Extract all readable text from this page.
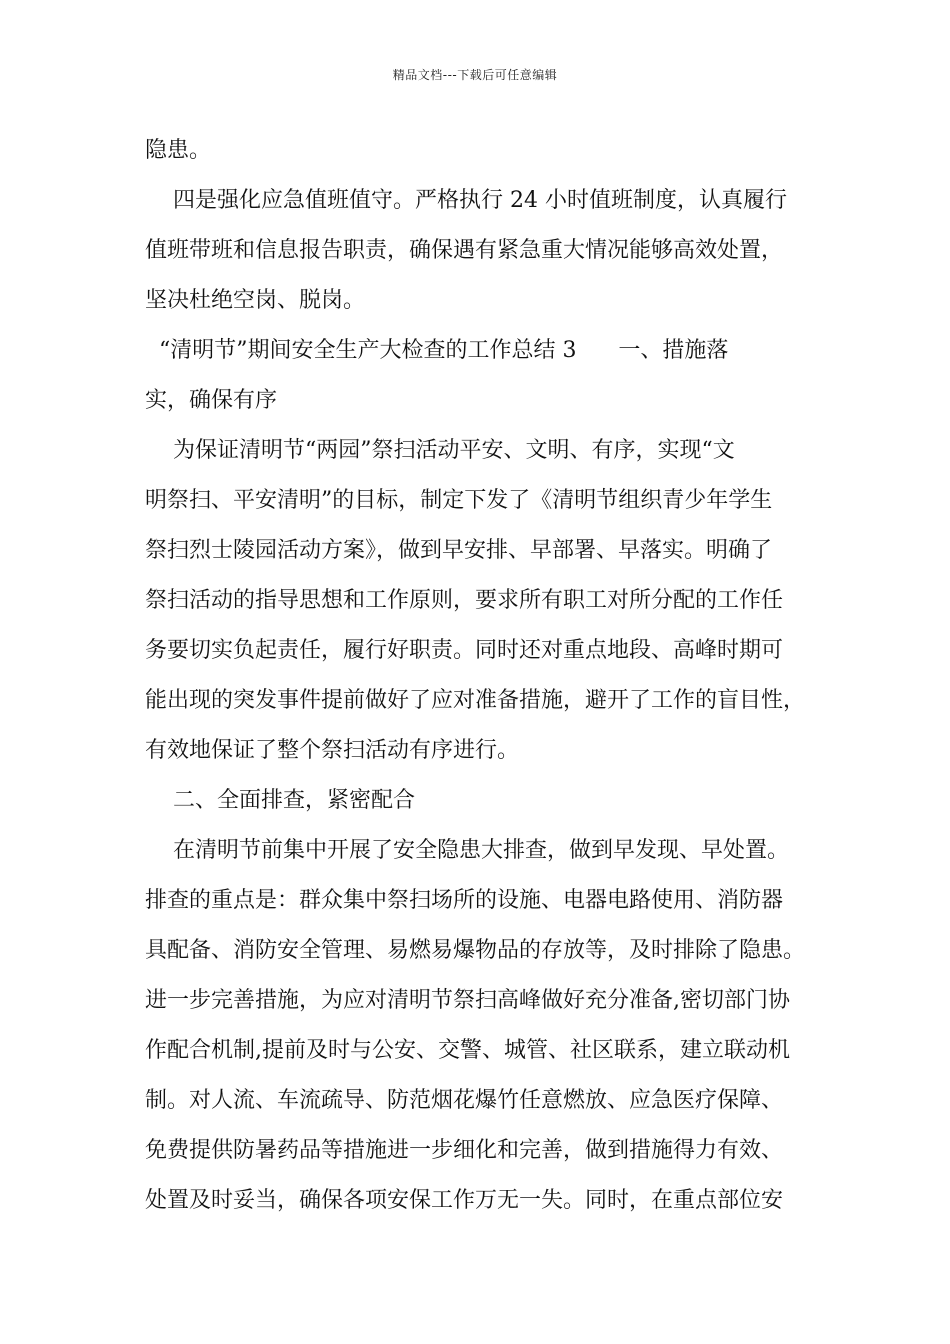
精品文档---下载后可任意编辑
隐患。
四是强化应急值班值守。严格执行 24 小时值班制度，认真履行
值班带班和信息报告职责，确保遇有紧急重大情况能够高效处置，
坚决杜绝空岗、脱岗。
“清明节”期间安全生产大检查的工作总结 3      一、措施落
实，确保有序
为保证清明节“两园”祭扫活动平安、文明、有序，实现“文
明祭扫、平安清明”的目标，制定下发了《清明节组织青少年学生
祭扫烈士陵园活动方案》，做到早安排、早部署、早落实。明确了
祭扫活动的指导思想和工作原则，要求所有职工对所分配的工作任
务要切实负起责任，履行好职责。同时还对重点地段、高峰时期可
能出现的突发事件提前做好了应对准备措施，避开了工作的盲目性，
有效地保证了整个祭扫活动有序进行。
二、全面排查，紧密配合
在清明节前集中开展了安全隐患大排查，做到早发现、早处置。
排查的重点是：群众集中祭扫场所的设施、电器电路使用、消防器
具配备、消防安全管理、易燃易爆物品的存放等，及时排除了隐患。
进一步完善措施，为应对清明节祭扫高峰做好充分准备,密切部门协
作配合机制,提前及时与公安、交警、城管、社区联系，建立联动机
制。对人流、车流疏导、防范烟花爆竹任意燃放、应急医疗保障、
免费提供防暑药品等措施进一步细化和完善，做到措施得力有效、
处置及时妥当，确保各项安保工作万无一失。同时，在重点部位安
